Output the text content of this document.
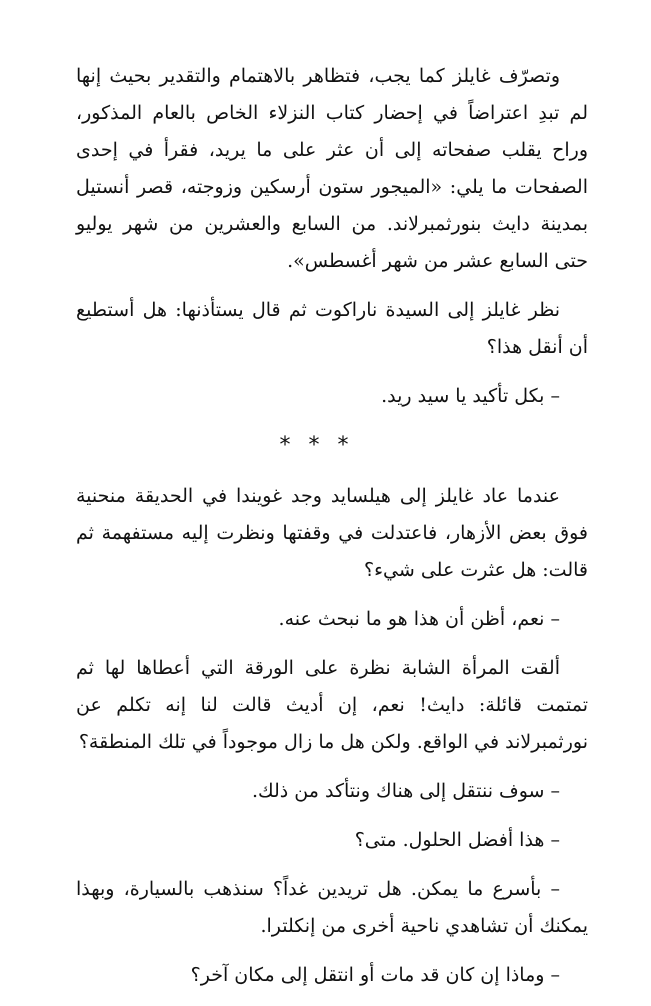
وتصرّف غايلز كما يجب، فتظاهر بالاهتمام والتقدير بحيث إنها لم تبدِ اعتراضاً في إحضار كتاب النزلاء الخاص بالعام المذكور، وراح يقلب صفحاته إلى أن عثر على ما يريد، فقرأ في إحدى الصفحات ما يلي: «الميجور ستون أرسكين وزوجته، قصر أنستيل بمدينة دايث بنورثمبرلاند. من السابع والعشرين من شهر يوليو حتى السابع عشر من شهر أغسطس».

نظر غايلز إلى السيدة ناراكوت ثم قال يستأذنها: هل أستطيع أن أنقل هذا؟

– بكل تأكيد يا سيد ريد.

***

عندما عاد غايلز إلى هيلسايد وجد غويندا في الحديقة منحنية فوق بعض الأزهار، فاعتدلت في وقفتها ونظرت إليه مستفهمة ثم قالت: هل عثرت على شيء؟

– نعم، أظن أن هذا هو ما نبحث عنه.

ألقت المرأة الشابة نظرة على الورقة التي أعطاها لها ثم تمتمت قائلة: دايث! نعم، إن أديث قالت لنا إنه تكلم عن نورثمبرلاند في الواقع. ولكن هل ما زال موجوداً في تلك المنطقة؟

– سوف ننتقل إلى هناك ونتأكد من ذلك.

– هذا أفضل الحلول. متى؟

– بأسرع ما يمكن. هل تريدين غداً؟ سنذهب بالسيارة، وبهذا يمكنك أن تشاهدي ناحية أخرى من إنكلترا.

– وماذا إن كان قد مات أو انتقل إلى مكان آخر؟
